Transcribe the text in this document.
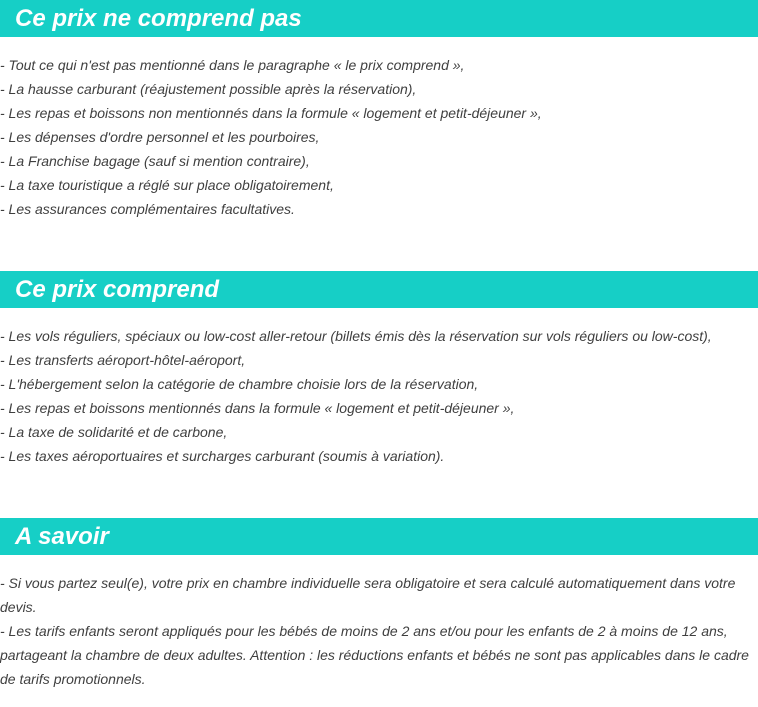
Ce prix ne comprend pas
- Tout ce qui n'est pas mentionné dans le paragraphe « le prix comprend »,
- La hausse carburant (réajustement possible après la réservation),
- Les repas et boissons non mentionnés dans la formule « logement et petit-déjeuner »,
- Les dépenses d'ordre personnel et les pourboires,
- La Franchise bagage (sauf si mention contraire),
- La taxe touristique a réglé sur place obligatoirement,
- Les assurances complémentaires facultatives.
Ce prix comprend
- Les vols réguliers, spéciaux ou low-cost aller-retour (billets émis dès la réservation sur vols réguliers ou low-cost),
- Les transferts aéroport-hôtel-aéroport,
- L'hébergement selon la catégorie de chambre choisie lors de la réservation,
- Les repas et boissons mentionnés dans la formule « logement et petit-déjeuner »,
- La taxe de solidarité et de carbone,
- Les taxes aéroportuaires et surcharges carburant (soumis à variation).
A savoir
- Si vous partez seul(e), votre prix en chambre individuelle sera obligatoire et sera calculé automatiquement dans votre devis.
- Les tarifs enfants seront appliqués pour les bébés de moins de 2 ans et/ou pour les enfants de 2 à moins de 12 ans, partageant la chambre de deux adultes. Attention : les réductions enfants et bébés ne sont pas applicables dans le cadre de tarifs promotionnels.
